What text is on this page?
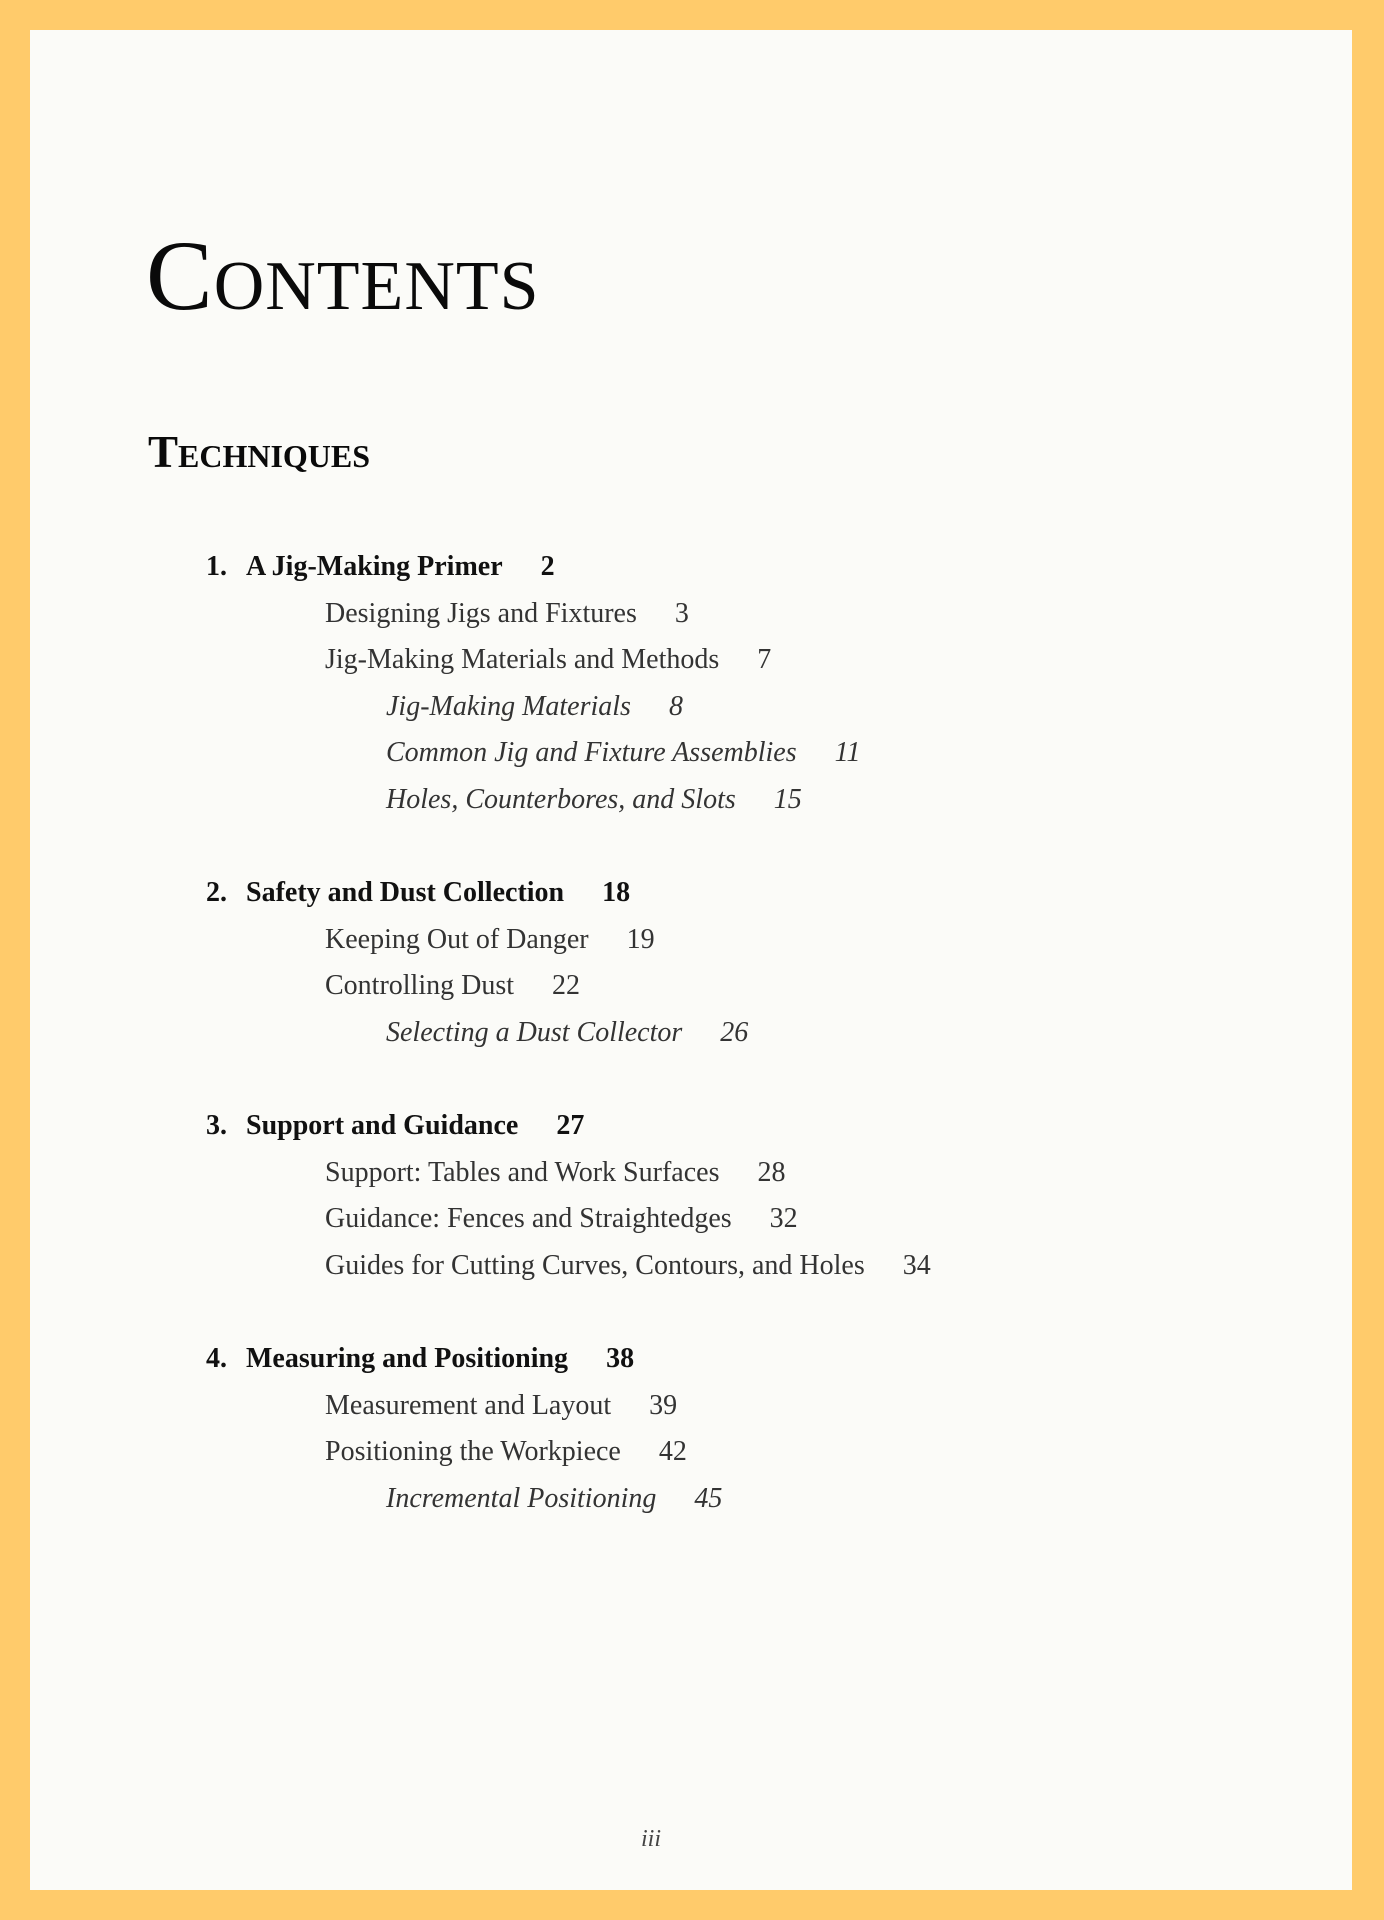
Contents
Techniques
1. A Jig-Making Primer 2
Designing Jigs and Fixtures 3
Jig-Making Materials and Methods 7
Jig-Making Materials 8
Common Jig and Fixture Assemblies 11
Holes, Counterbores, and Slots 15
2. Safety and Dust Collection 18
Keeping Out of Danger 19
Controlling Dust 22
Selecting a Dust Collector 26
3. Support and Guidance 27
Support: Tables and Work Surfaces 28
Guidance: Fences and Straightedges 32
Guides for Cutting Curves, Contours, and Holes 34
4. Measuring and Positioning 38
Measurement and Layout 39
Positioning the Workpiece 42
Incremental Positioning 45
iii
